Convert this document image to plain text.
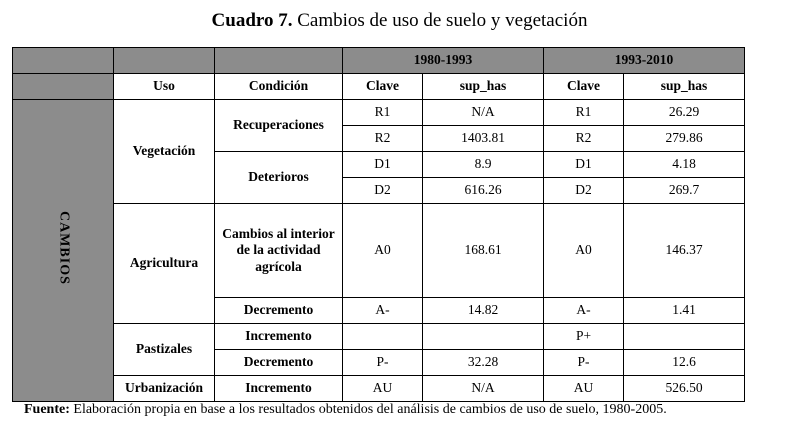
Cuadro 7. Cambios de uso de suelo y vegetación
			1980-1993		1993-2010	
	Uso	Condición	Clave	sup_has	Clave	sup_has
CAMBIOS	Vegetación	Recuperaciones	R1	N/A	R1	26.29
			R2	1403.81	R2	279.86
		Deterioros	D1	8.9	D1	4.18
			D2	616.26	D2	269.7
	Agricultura	Cambios al interior de la actividad agrícola	A0	168.61	A0	146.37
		Decremento	A-	14.82	A-	1.41
	Pastizales	Incremento			P+	
		Decremento	P-	32.28	P-	12.6
	Urbanización	Incremento	AU	N/A	AU	526.50
Fuente: Elaboración propia en base a los resultados obtenidos del análisis de cambios de uso de suelo, 1980-2005.
